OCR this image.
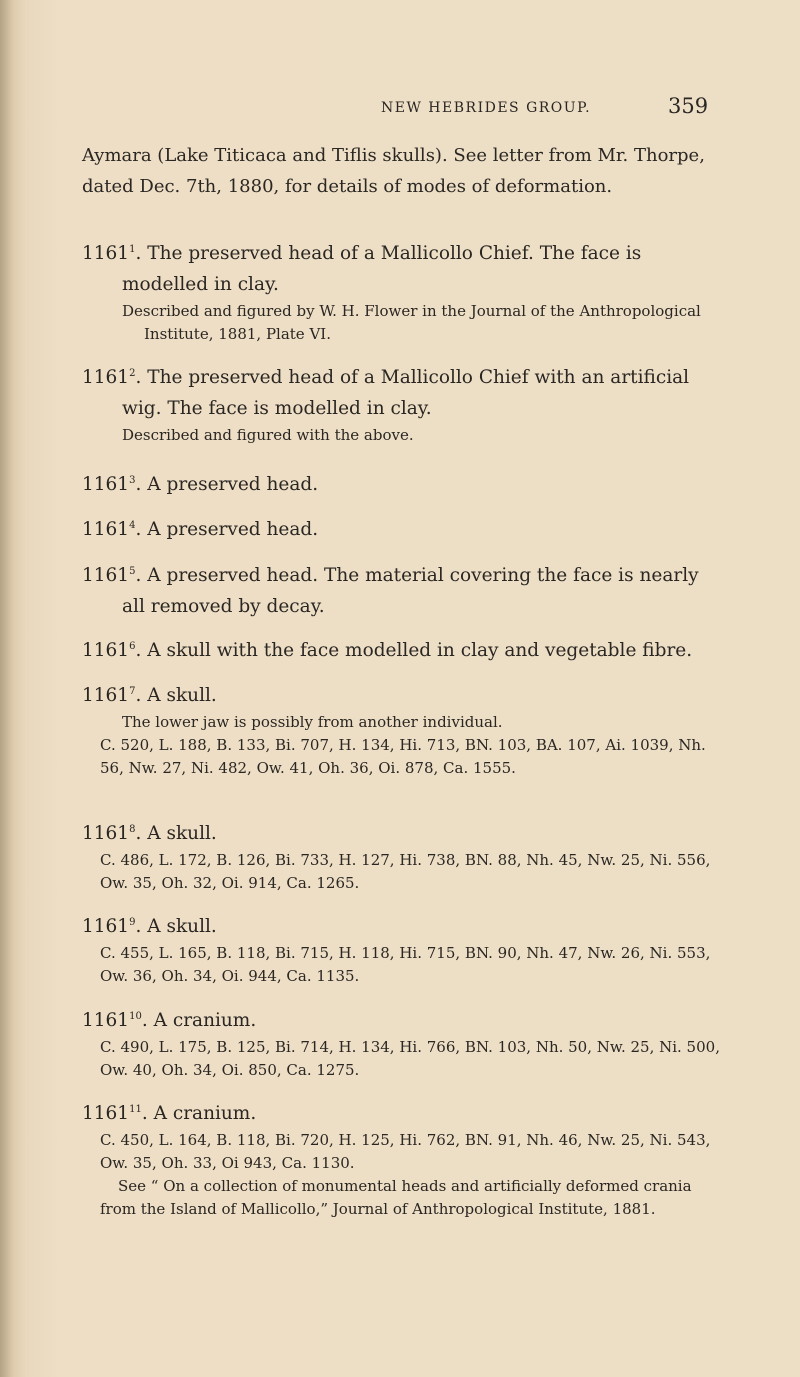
NEW HEBRIDES GROUP.	359
Aymara (Lake Titicaca and Tiflis skulls). See letter from Mr. Thorpe, dated Dec. 7th, 1880, for details of modes of deformation.
1161$^1$. The preserved head of a Mallicollo Chief. The face is modelled in clay.

Described and figured by W. H. Flower in the Journal of the Anthropological Institute, 1881, Plate VI.

1161$^2$. The preserved head of a Mallicollo Chief with an artificial wig. The face is modelled in clay.

Described and figured with the above.

1161$^3$. A preserved head.
1161$^4$. A preserved head.
1161$^5$. A preserved head. The material covering the face is nearly all removed by decay.
1161$^6$. A skull with the face modelled in clay and vegetable fibre.
1161$^7$. A skull.

The lower jaw is possibly from another individual.

C. 520, L. 188, B. 133, Bi. 707, H. 134, Hi. 713, BN. 103, BA. 107, Ai. 1039, Nh. 56, Nw. 27, Ni. 482, Ow. 41, Oh. 36, Oi. 878, Ca. 1555.

1161$^8$. A skull.

C. 486, L. 172, B. 126, Bi. 733, H. 127, Hi. 738, BN. 88, Nh. 45, Nw. 25, Ni. 556, Ow. 35, Oh. 32, Oi. 914, Ca. 1265.

1161$^9$. A skull.

C. 455, L. 165, B. 118, Bi. 715, H. 118, Hi. 715, BN. 90, Nh. 47, Nw. 26, Ni. 553, Ow. 36, Oh. 34, Oi. 944, Ca. 1135.

1161$^{10}$. A cranium.

C. 490, L. 175, B. 125, Bi. 714, H. 134, Hi. 766, BN. 103, Nh. 50, Nw. 25, Ni. 500, Ow. 40, Oh. 34, Oi. 850, Ca. 1275.

1161$^{11}$. A cranium.

C. 450, L. 164, B. 118, Bi. 720, H. 125, Hi. 762, BN. 91, Nh. 46, Nw. 25, Ni. 543, Ow. 35, Oh. 33, Oi 943, Ca. 1130.

See “ On a collection of monumental heads and artificially deformed crania from the Island of Mallicollo,” Journal of Anthropological Institute, 1881.
